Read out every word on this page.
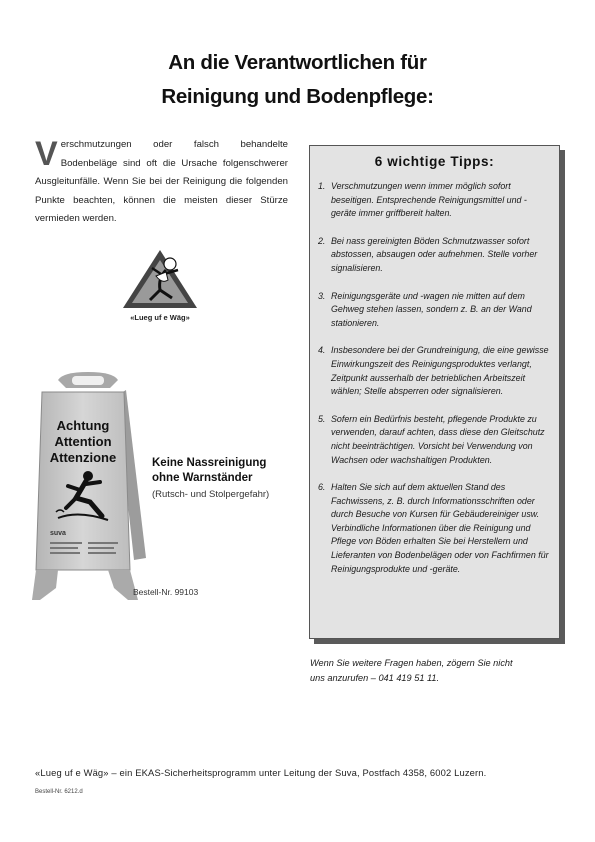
An die Verantwortlichen für
Reinigung und Bodenpflege:
Verschmutzungen oder falsch behandelte Bodenbeläge sind oft die Ursache folgenschwerer Ausgleitunfälle. Wenn Sie bei der Reinigung die folgenden Punkte beachten, können die meisten dieser Stürze vermieden werden.
«Lueg uf e Wäg»
Achtung
Attention
Attenzione
suva
Keine Nassreinigung
ohne Warnständer
(Rutsch- und Stolpergefahr)
Bestell-Nr. 99103
6 wichtige Tipps:
1. Verschmutzungen wenn immer möglich sofort beseitigen. Entsprechende Reinigungsmittel und -geräte immer griffbereit halten.
2. Bei nass gereinigten Böden Schmutzwasser sofort abstossen, absaugen oder aufnehmen. Stelle vorher signalisieren.
3. Reinigungsgeräte und -wagen nie mitten auf dem Gehweg stehen lassen, sondern z. B. an der Wand stationieren.
4. Insbesondere bei der Grundreinigung, die eine gewisse Einwirkungszeit des Reinigungsproduktes verlangt, Zeitpunkt ausserhalb der betrieblichen Arbeitszeit wählen; Stelle absperren oder signalisieren.
5. Sofern ein Bedürfnis besteht, pflegende Produkte zu verwenden, darauf achten, dass diese den Gleitschutz nicht beeinträchtigen. Vorsicht bei Verwendung von Wachsen oder wachshaltigen Produkten.
6. Halten Sie sich auf dem aktuellen Stand des Fachwissens, z. B. durch Informationsschriften oder durch Besuche von Kursen für Gebäudereiniger usw. Verbindliche Informationen über die Reinigung und Pflege von Böden erhalten Sie bei Herstellern und Lieferanten von Bodenbelägen oder von Fachfirmen für Reinigungsprodukte und -geräte.
Wenn Sie weitere Fragen haben, zögern Sie nicht
uns anzurufen – 041 419 51 11.
«Lueg uf e Wäg» – ein EKAS-Sicherheitsprogramm unter Leitung der Suva, Postfach 4358, 6002 Luzern.
Bestell-Nr. 6212.d
